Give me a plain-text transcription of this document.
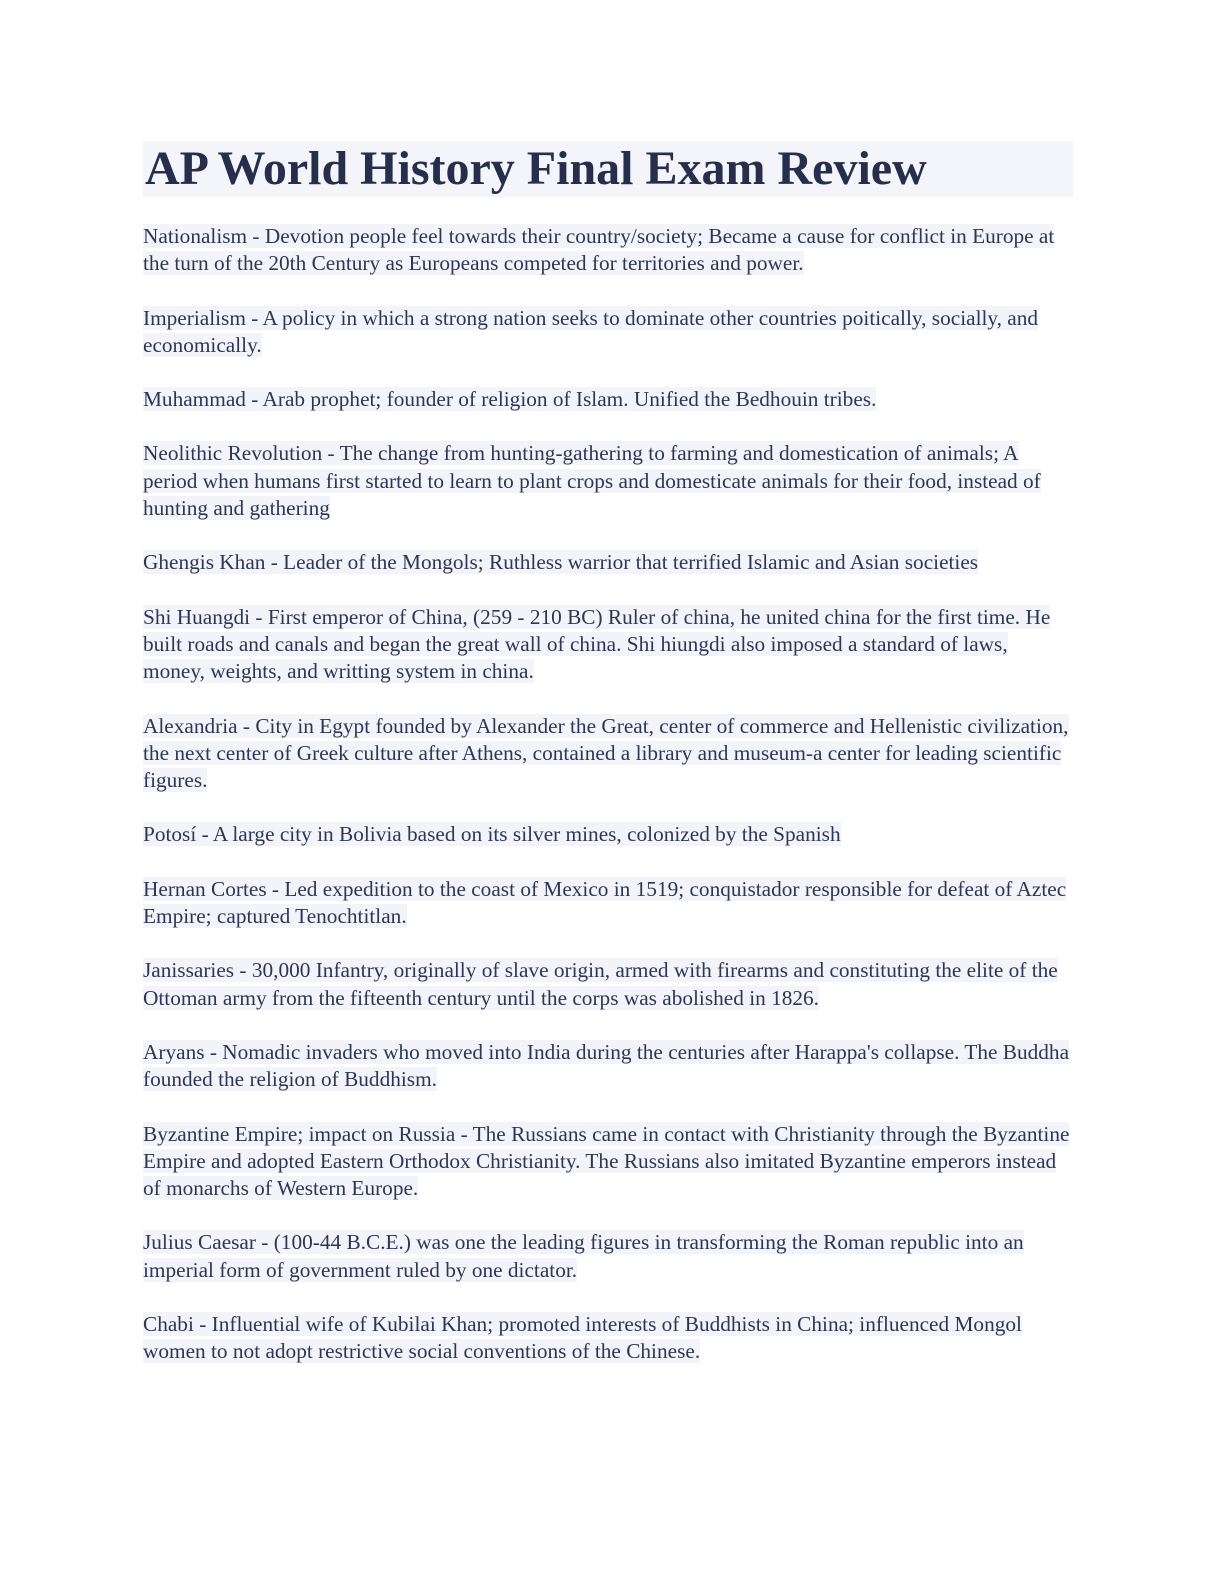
AP World History Final Exam Review

Nationalism - Devotion people feel towards their country/society; Became a cause for conflict in Europe at the turn of the 20th Century as Europeans competed for territories and power.

Imperialism - A policy in which a strong nation seeks to dominate other countries poitically, socially, and economically.

Muhammad - Arab prophet; founder of religion of Islam. Unified the Bedhouin tribes.

Neolithic Revolution - The change from hunting-gathering to farming and domestication of animals; A period when humans first started to learn to plant crops and domesticate animals for their food, instead of hunting and gathering

Ghengis Khan - Leader of the Mongols; Ruthless warrior that terrified Islamic and Asian societies

Shi Huangdi - First emperor of China, (259 - 210 BC) Ruler of china, he united china for the first time. He built roads and canals and began the great wall of china. Shi hiungdi also imposed a standard of laws, money, weights, and writting system in china.

Alexandria - City in Egypt founded by Alexander the Great, center of commerce and Hellenistic civilization, the next center of Greek culture after Athens, contained a library and museum-a center for leading scientific figures.

Potosí - A large city in Bolivia based on its silver mines, colonized by the Spanish

Hernan Cortes - Led expedition to the coast of Mexico in 1519; conquistador responsible for defeat of Aztec Empire; captured Tenochtitlan.

Janissaries - 30,000 Infantry, originally of slave origin, armed with firearms and constituting the elite of the Ottoman army from the fifteenth century until the corps was abolished in 1826.

Aryans - Nomadic invaders who moved into India during the centuries after Harappa's collapse. The Buddha founded the religion of Buddhism.

Byzantine Empire; impact on Russia - The Russians came in contact with Christianity through the Byzantine Empire and adopted Eastern Orthodox Christianity. The Russians also imitated Byzantine emperors instead of monarchs of Western Europe.

Julius Caesar - (100-44 B.C.E.) was one the leading figures in transforming the Roman republic into an imperial form of government ruled by one dictator.

Chabi - Influential wife of Kubilai Khan; promoted interests of Buddhists in China; influenced Mongol women to not adopt restrictive social conventions of the Chinese.
